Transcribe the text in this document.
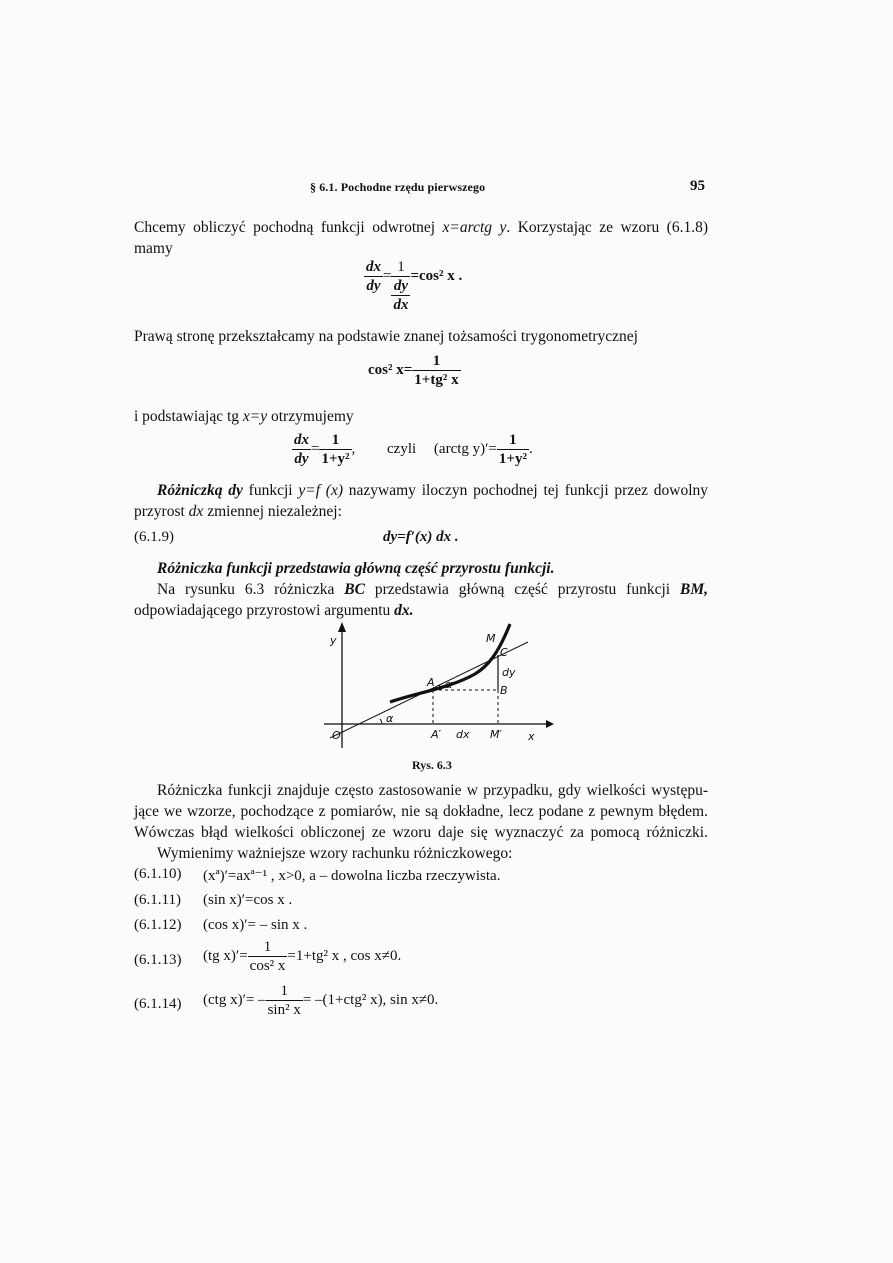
§ 6.1. Pochodne rzędu pierwszego	95
Chcemy obliczyć pochodną funkcji odwrotnej x=arctg y. Korzystając ze wzoru (6.1.8)
mamy
$\frac{dx}{dy}$ =
1
dy
dx
=cos² x .
Prawą stronę przekształcamy na podstawie znanej tożsamości trygonometrycznej
cos² $x= \frac{1}{\text{1+tg² x}}$
i podstawiając tg x=y otrzymujemy
$\frac{dx}{dy} = \frac{1}{\text{1+y²}}$ , czyli (arctg $y)'= \frac{1}{\text{1+y²}}$ .
Różniczką dy funkcji y=f (x) nazywamy iloczyn pochodnej tej funkcji przez dowolny
przyrost dx zmiennej niezależnej:
(6.1.9)	dy=f′(x) dx .
Różniczka funkcji przedstawia główną część przyrostu funkcji.
Na rysunku 6.3 różniczka BC przedstawia główną część przyrostu funkcji BM,
odpowiadającego przyrostowi argumentu dx.
y
x
O
A
A′ dx M′
M
C
B
dy
α
α
Rys. 6.3
Różniczka funkcji znajduje często zastosowanie w przypadku, gdy wielkości występu-
jące we wzorze, pochodzące z pomiarów, nie są dokładne, lecz podane z pewnym błędem.
Wówczas błąd wielkości obliczonej ze wzoru daje się wyznaczyć za pomocą różniczki.
Wymienimy ważniejsze wzory rachunku różniczkowego:
(6.1.10) (xª)′=axª⁻¹ , x>0, a – dowolna liczba rzeczywista.
(6.1.11) (sin x)′=cos x .
(6.1.12) (cos x)′= – sin x .
(6.1.13) (tg $x)'= \frac{1}{\text{cos² x}} =1+tg^2$ x , cos x≠0.
(6.1.14) (ctg $x)'= - \frac{1}{\text{sin² x}} = -(1+ctg^2$ x), sin x≠0.
